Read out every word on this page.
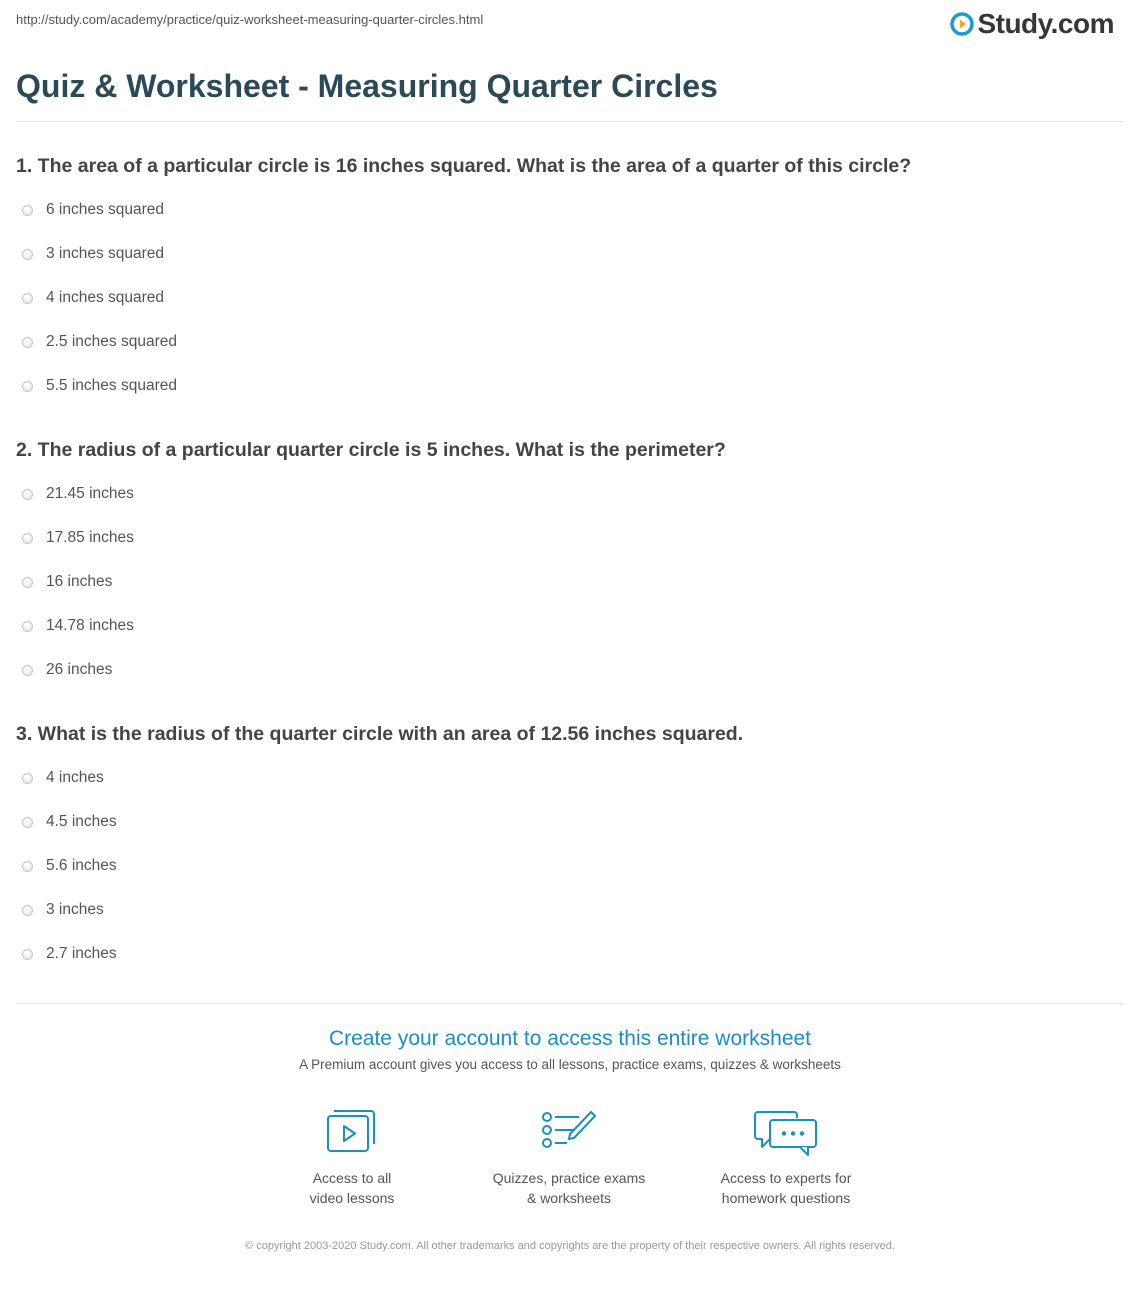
http://study.com/academy/practice/quiz-worksheet-measuring-quarter-circles.html	Study.com
Quiz & Worksheet - Measuring Quarter Circles
1. The area of a particular circle is 16 inches squared. What is the area of a quarter of this circle?
6 inches squared
3 inches squared
4 inches squared
2.5 inches squared
5.5 inches squared
2. The radius of a particular quarter circle is 5 inches. What is the perimeter?
21.45 inches
17.85 inches
16 inches
14.78 inches
26 inches
3. What is the radius of the quarter circle with an area of 12.56 inches squared.
4 inches
4.5 inches
5.6 inches
3 inches
2.7 inches
Create your account to access this entire worksheet
A Premium account gives you access to all lessons, practice exams, quizzes & worksheets
Access to all
video lessons
Quizzes, practice exams
& worksheets
Access to experts for
homework questions
© copyright 2003-2020 Study.com. All other trademarks and copyrights are the property of their respective owners. All rights reserved.
